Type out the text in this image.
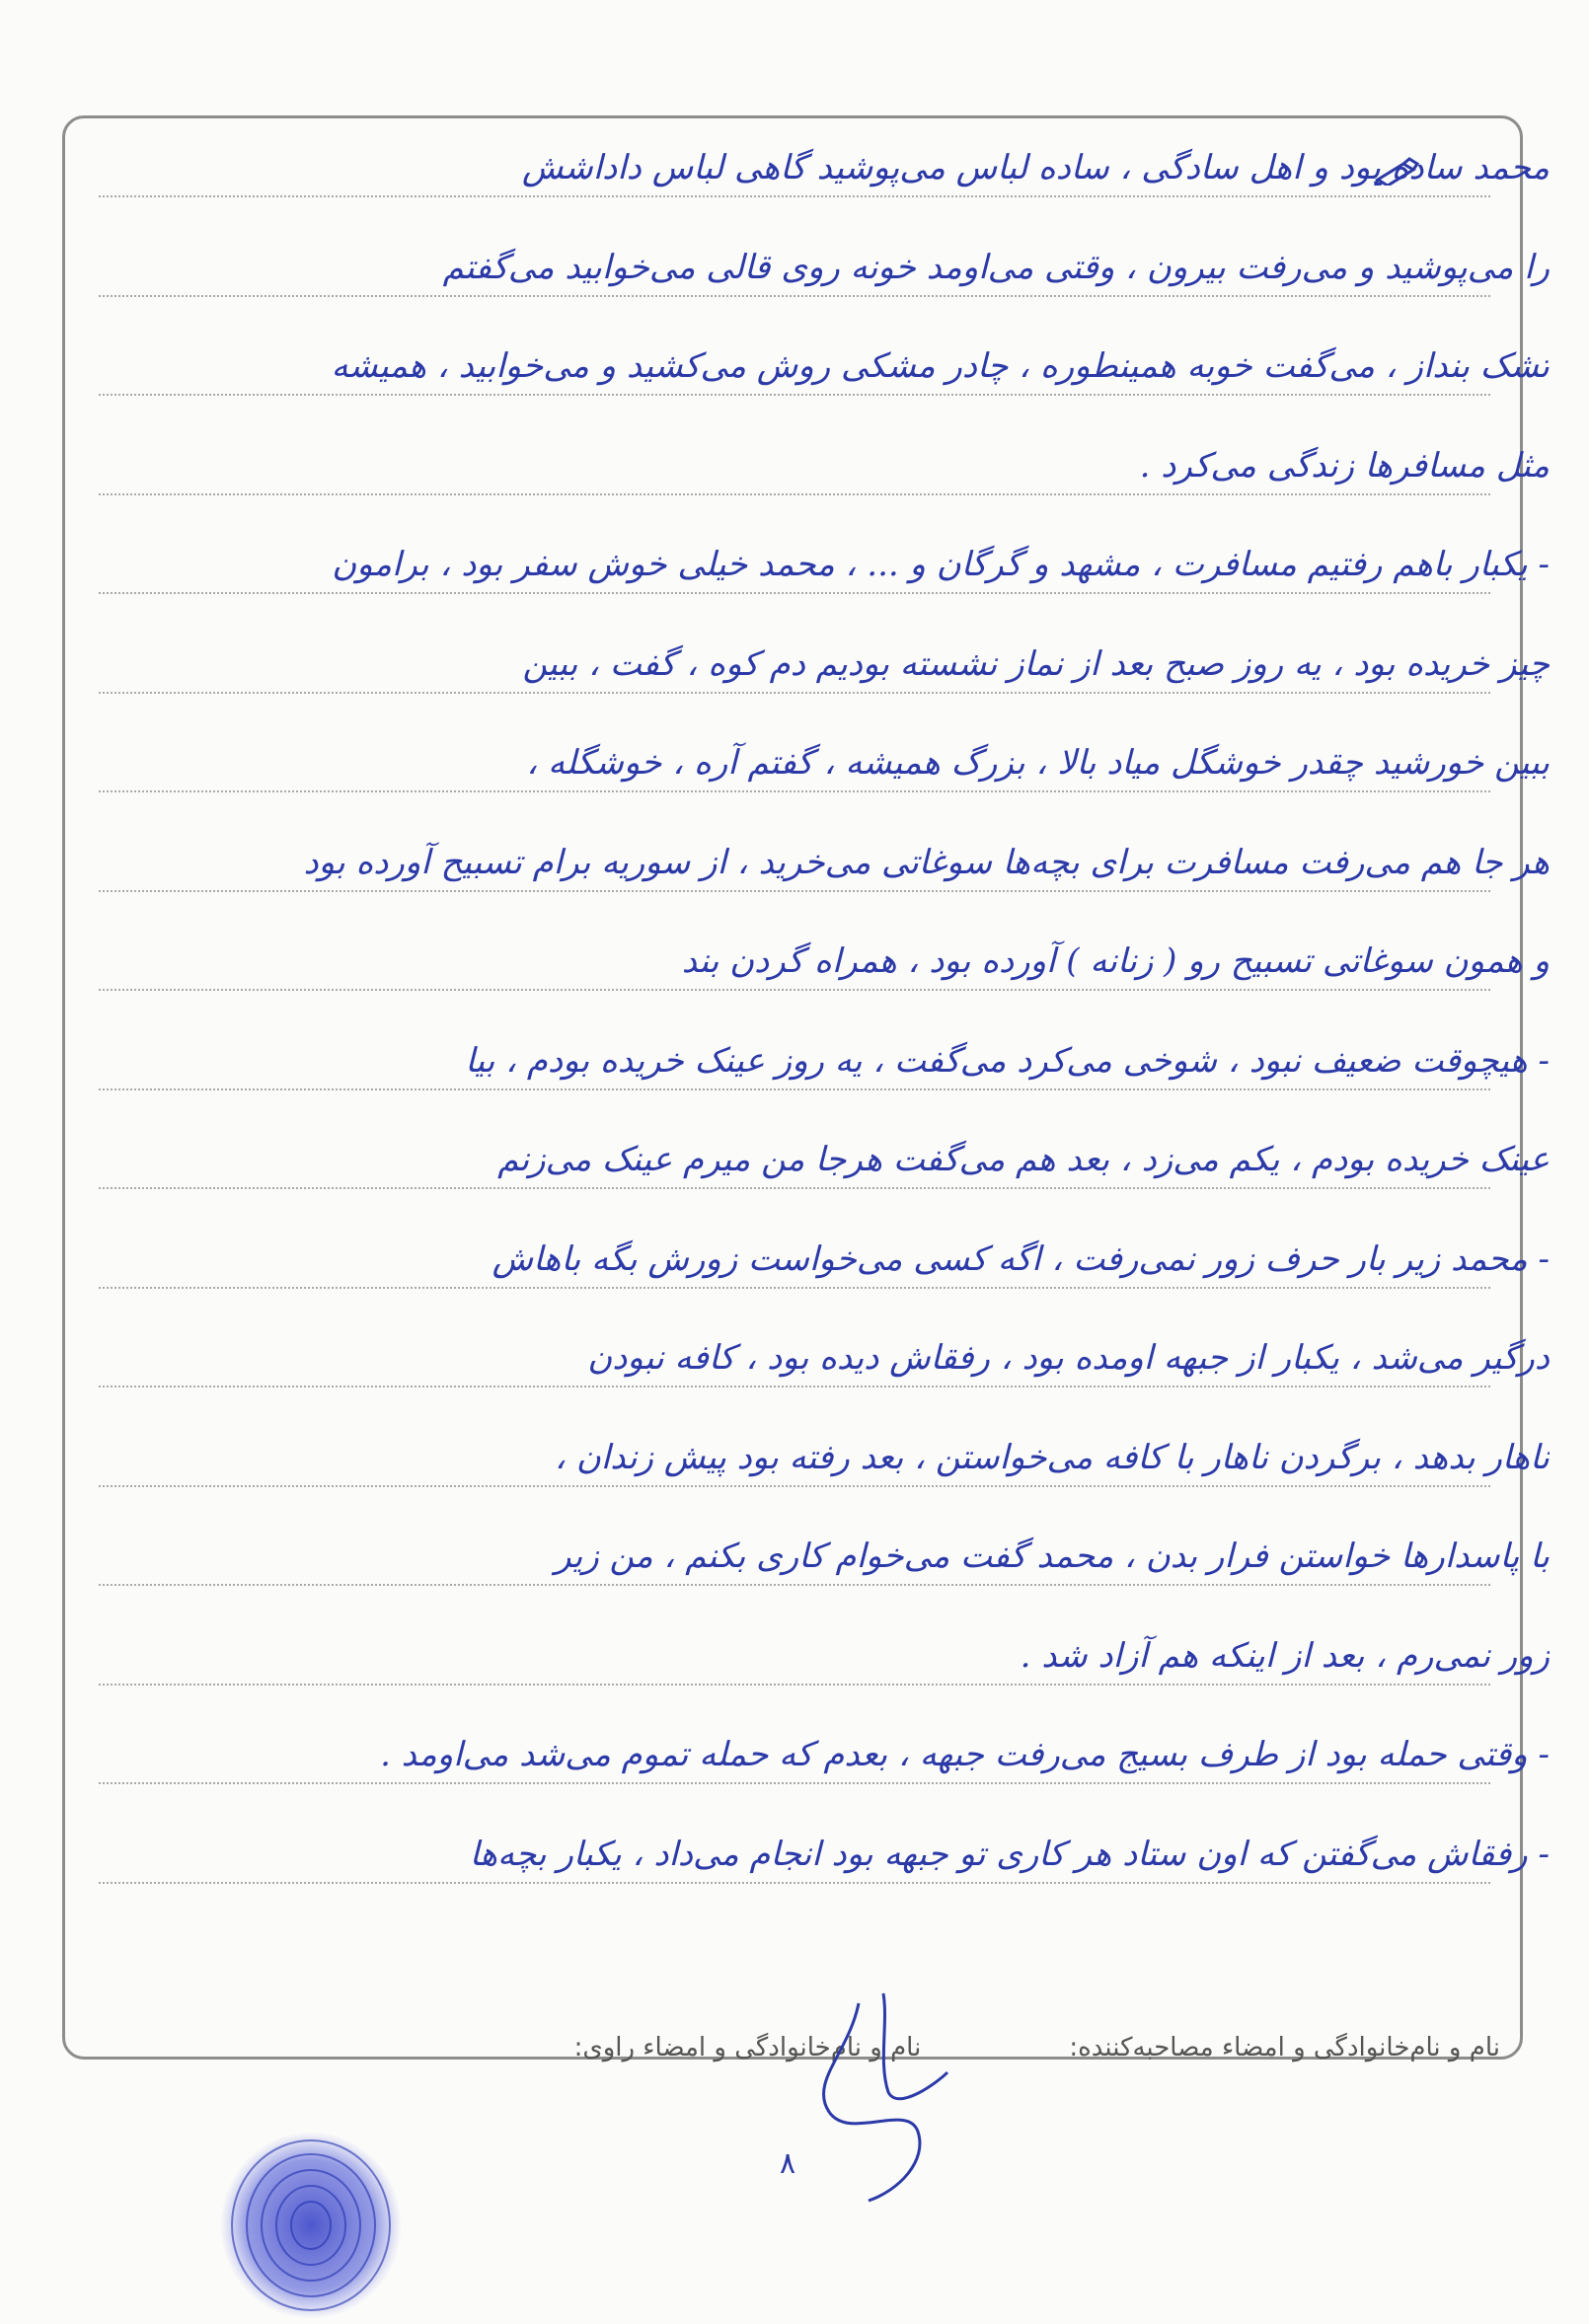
محمد ساده بود و اهل سادگی ، ساده لباس می‌پوشید گاهی لباس داداشش
را می‌پوشید و می‌رفت بیرون ، وقتی می‌اومد خونه روی قالی می‌خوابید می‌گفتم
تشک بنداز ، می‌گفت خوبه همینطوره ، چادر مشکی روش می‌کشید و می‌خوابید ، همیشه
مثل مسافرها زندگی می‌کرد .
- یکبار باهم رفتیم مسافرت ، مشهد و گرگان و ... ، محمد خیلی خوش سفر بود ، برامون
چیز خریده بود ، یه روز صبح بعد از نماز نشسته بودیم دم کوه ، گفت ، ببین
ببین خورشید چقدر خوشگل میاد بالا ، بزرگ همیشه ، گفتم آره ، خوشگله ،
هر جا هم می‌رفت مسافرت برای بچه‌ها سوغاتی می‌خرید ، از سوریه برام تسبیح آورده بود
و همون سوغاتی تسبیح رو ( زنانه ) آورده بود ، همراه گردن بند
- هیچوقت ضعیف نبود ، شوخی می‌کرد می‌گفت ، یه روز عینک خریده بودم ، بیا
عینک خریده بودم ، یکم می‌زد ، بعد هم می‌گفت هرجا من میرم عینک می‌زنم
- محمد زیر بار حرف زور نمی‌رفت ، اگه کسی می‌خواست زورش بگه باهاش
درگیر می‌شد ، یکبار از جبهه اومده بود ، رفقاش دیده بود ، کافه نبودن
ناهار بدهد ، برگردن ناهار با کافه می‌خواستن ، بعد رفته بود پیش زندان ،
با پاسدارها خواستن فرار بدن ، محمد گفت می‌خوام کاری بکنم ، من زیر
زور نمی‌رم ، بعد از اینکه هم آزاد شد .
- وقتی حمله بود از طرف بسیج می‌رفت جبهه ، بعدم که حمله تموم می‌شد می‌اومد .
- رفقاش می‌گفتن که اون ستاد هر کاری تو جبهه بود انجام می‌داد ، یکبار بچه‌ها
نام و نام‌خانوادگی و امضاء مصاحبه‌کننده:
نام و نام‌خانوادگی و امضاء راوی:
۸
